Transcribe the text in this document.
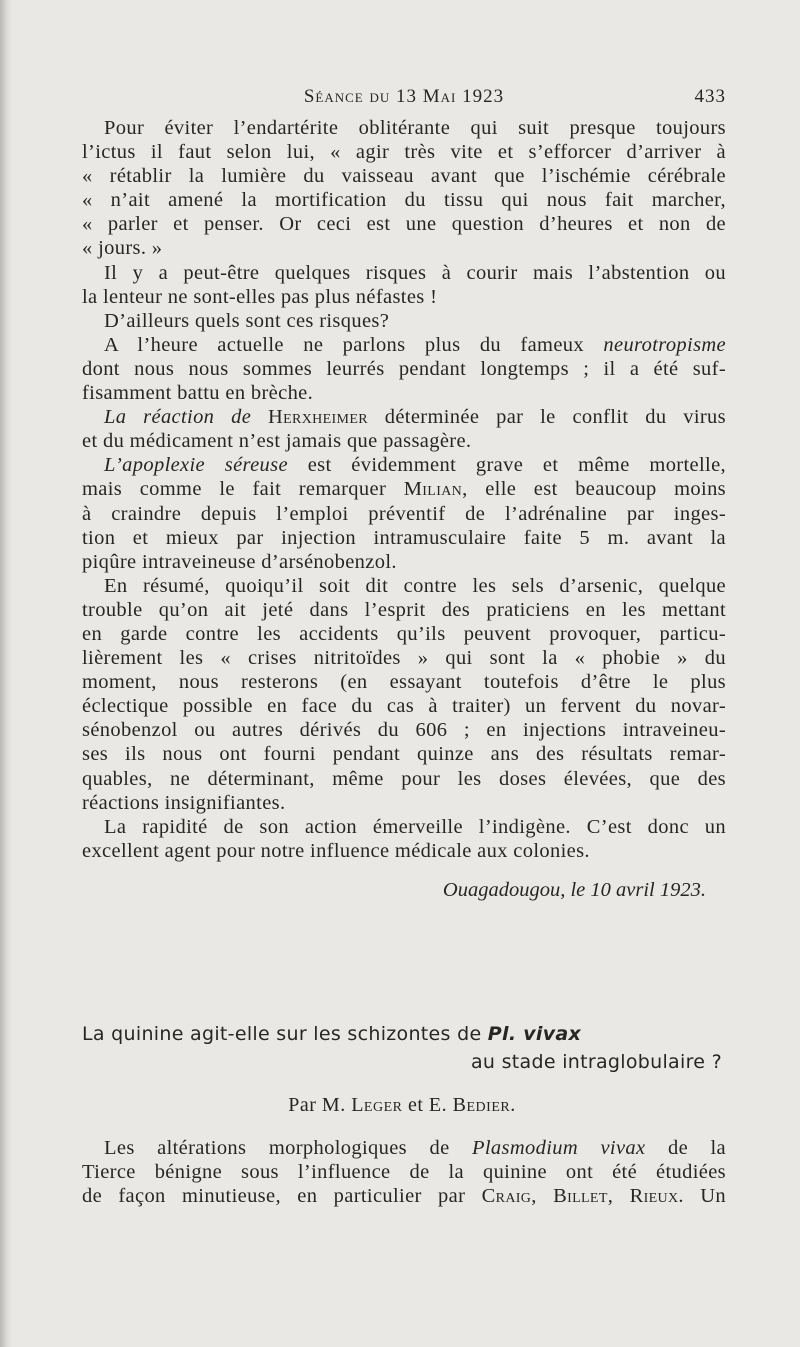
Séance du 13 Mai 1923	433
Pour éviter l’endartérite oblitérante qui suit presque toujours
l’ictus il faut selon lui, « agir très vite et s’efforcer d’arriver à
« rétablir la lumière du vaisseau avant que l’ischémie cérébrale
« n’ait amené la mortification du tissu qui nous fait marcher,
« parler et penser. Or ceci est une question d’heures et non de
« jours. »
Il y a peut-être quelques risques à courir mais l’abstention ou
la lenteur ne sont-elles pas plus néfastes !
D’ailleurs quels sont ces risques?
A l’heure actuelle ne parlons plus du fameux neurotropisme
dont nous nous sommes leurrés pendant longtemps ; il a été suf-
fisamment battu en brèche.
La réaction de Herxheimer déterminée par le conflit du virus
et du médicament n’est jamais que passagère.
L’apoplexie séreuse est évidemment grave et même mortelle,
mais comme le fait remarquer Milian, elle est beaucoup moins
à craindre depuis l’emploi préventif de l’adrénaline par inges-
tion et mieux par injection intramusculaire faite 5 m. avant la
piqûre intraveineuse d’arsénobenzol.
En résumé, quoiqu’il soit dit contre les sels d’arsenic, quelque
trouble qu’on ait jeté dans l’esprit des praticiens en les mettant
en garde contre les accidents qu’ils peuvent provoquer, particu-
lièrement les « crises nitritoïdes » qui sont la « phobie » du
moment, nous resterons (en essayant toutefois d’être le plus
éclectique possible en face du cas à traiter) un fervent du novar-
sénobenzol ou autres dérivés du 606 ; en injections intraveineu-
ses ils nous ont fourni pendant quinze ans des résultats remar-
quables, ne déterminant, même pour les doses élevées, que des
réactions insignifiantes.
La rapidité de son action émerveille l’indigène. C’est donc un
excellent agent pour notre influence médicale aux colonies.
Ouagadougou, le 10 avril 1923.
La quinine agit-elle sur les schizontes de Pl. vivax
au stade intraglobulaire ?
Par M. Leger et E. Bedier.
Les altérations morphologiques de Plasmodium vivax de la
Tierce bénigne sous l’influence de la quinine ont été étudiées
de façon minutieuse, en particulier par Craig, Billet, Rieux. Un
